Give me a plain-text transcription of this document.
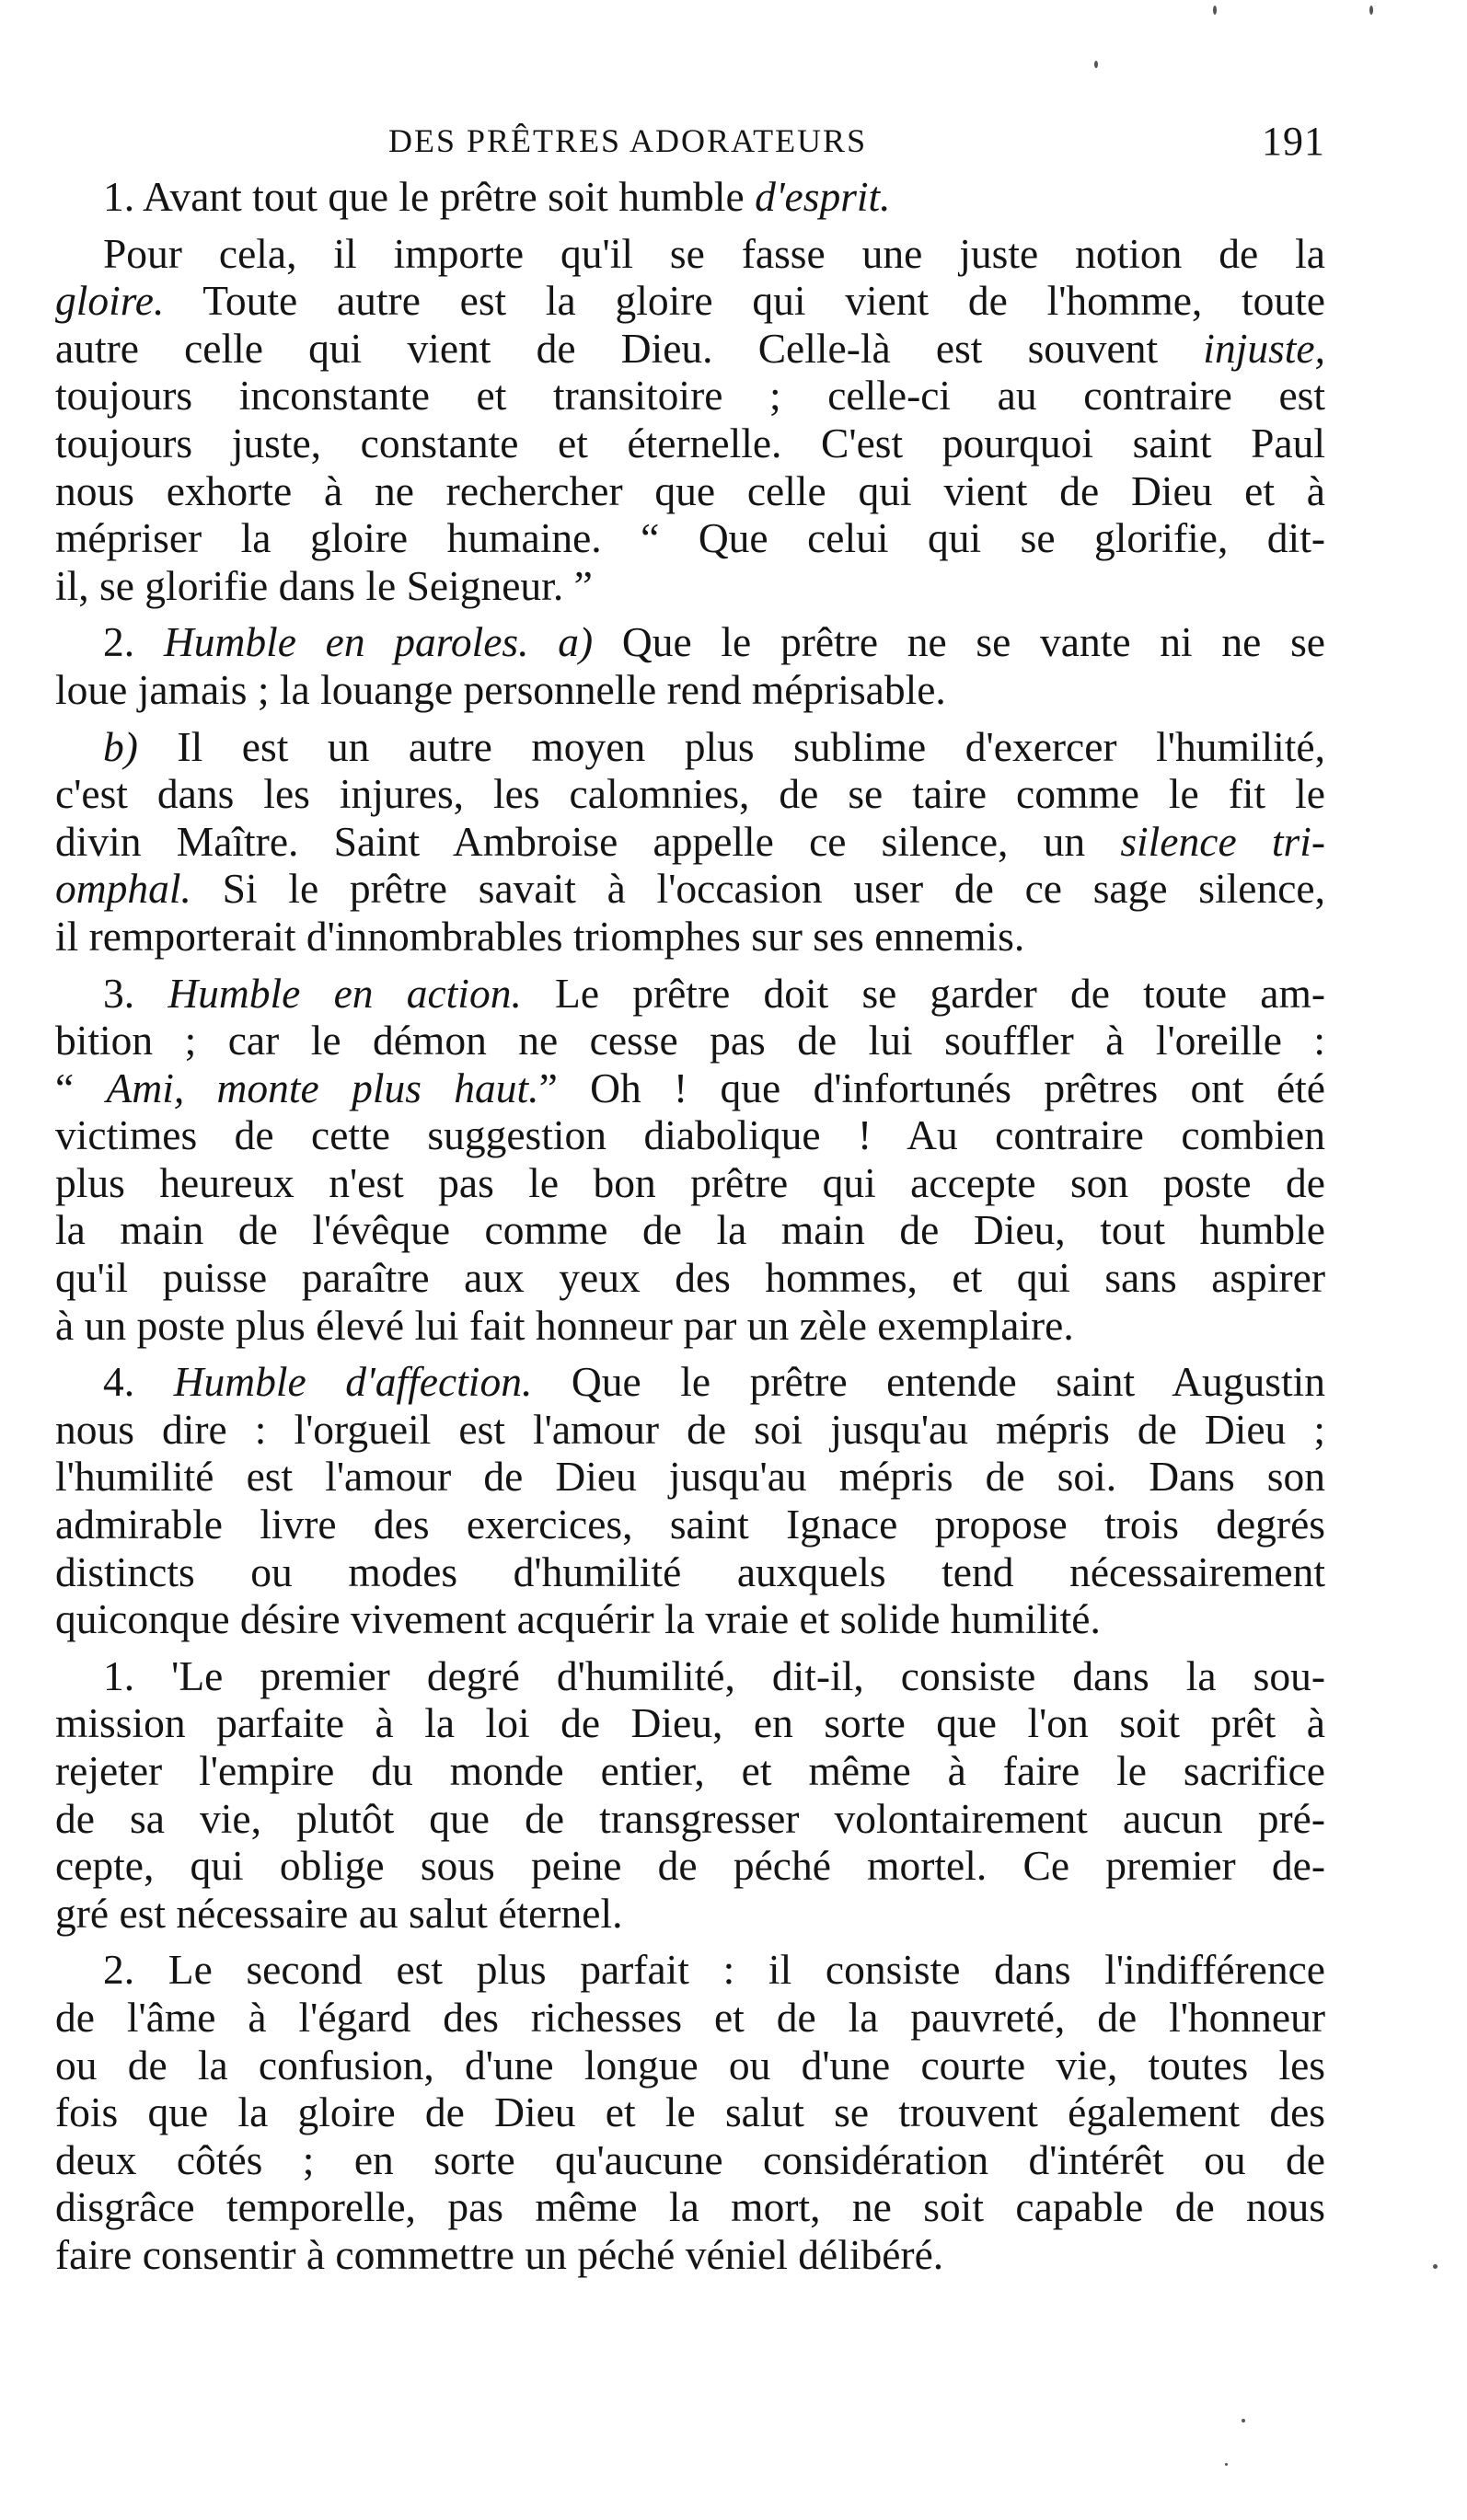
DES PRÊTRES ADORATEURS	191
1. Avant tout que le prêtre soit humble d'esprit.
Pour cela, il importe qu'il se fasse une juste notion de la
gloire. Toute autre est la gloire qui vient de l'homme, toute
autre celle qui vient de Dieu. Celle-là est souvent injuste,
toujours inconstante et transitoire ; celle-ci au contraire est
toujours juste, constante et éternelle. C'est pourquoi saint Paul
nous exhorte à ne rechercher que celle qui vient de Dieu et à
mépriser la gloire humaine. “ Que celui qui se glorifie, dit-
il, se glorifie dans le Seigneur. ”
2. Humble en paroles. a) Que le prêtre ne se vante ni ne se
loue jamais ; la louange personnelle rend méprisable.
b) Il est un autre moyen plus sublime d'exercer l'humilité,
c'est dans les injures, les calomnies, de se taire comme le fit le
divin Maître. Saint Ambroise appelle ce silence, un silence tri-
omphal. Si le prêtre savait à l'occasion user de ce sage silence,
il remporterait d'innombrables triomphes sur ses ennemis.
3. Humble en action. Le prêtre doit se garder de toute am-
bition ; car le démon ne cesse pas de lui souffler à l'oreille :
“ Ami, monte plus haut.” Oh ! que d'infortunés prêtres ont été
victimes de cette suggestion diabolique ! Au contraire combien
plus heureux n'est pas le bon prêtre qui accepte son poste de
la main de l'évêque comme de la main de Dieu, tout humble
qu'il puisse paraître aux yeux des hommes, et qui sans aspirer
à un poste plus élevé lui fait honneur par un zèle exemplaire.
4. Humble d'affection. Que le prêtre entende saint Augustin
nous dire : l'orgueil est l'amour de soi jusqu'au mépris de Dieu ;
l'humilité est l'amour de Dieu jusqu'au mépris de soi. Dans son
admirable livre des exercices, saint Ignace propose trois degrés
distincts ou modes d'humilité auxquels tend nécessairement
quiconque désire vivement acquérir la vraie et solide humilité.
1. 'Le premier degré d'humilité, dit-il, consiste dans la sou-
mission parfaite à la loi de Dieu, en sorte que l'on soit prêt à
rejeter l'empire du monde entier, et même à faire le sacrifice
de sa vie, plutôt que de transgresser volontairement aucun pré-
cepte, qui oblige sous peine de péché mortel. Ce premier de-
gré est nécessaire au salut éternel.
2. Le second est plus parfait : il consiste dans l'indifférence
de l'âme à l'égard des richesses et de la pauvreté, de l'honneur
ou de la confusion, d'une longue ou d'une courte vie, toutes les
fois que la gloire de Dieu et le salut se trouvent également des
deux côtés ; en sorte qu'aucune considération d'intérêt ou de
disgrâce temporelle, pas même la mort, ne soit capable de nous
faire consentir à commettre un péché véniel délibéré.
